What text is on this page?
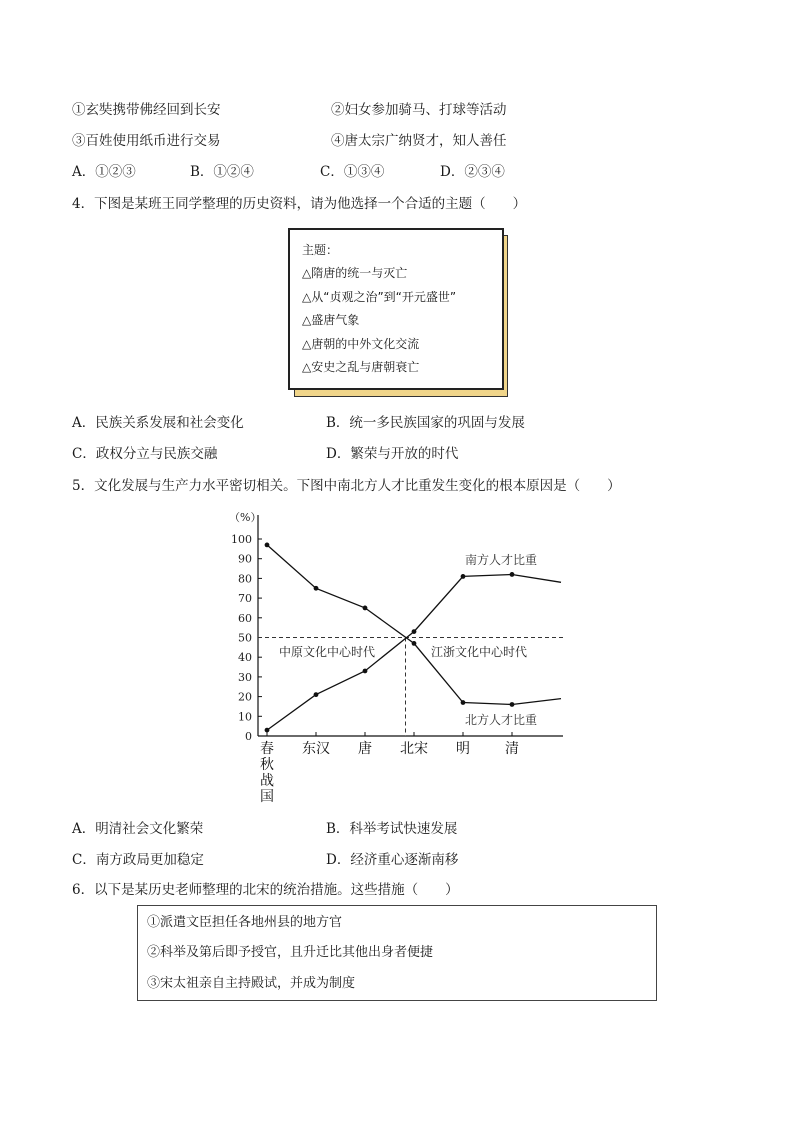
①玄奘携带佛经回到长安	②妇女参加骑马、打球等活动
③百姓使用纸币进行交易	④唐太宗广纳贤才，知人善任
A．①②③	B．①②④	C．①③④	D．②③④
4．下图是某班王同学整理的历史资料，请为他选择一个合适的主题（　　）
主题：
△隋唐的统一与灭亡
△从“贞观之治”到“开元盛世”
△盛唐气象
△唐朝的中外文化交流
△安史之乱与唐朝衰亡
A．民族关系发展和社会变化	B．统一多民族国家的巩固与发展
C．政权分立与民族交融	D．繁荣与开放的时代
5．文化发展与生产力水平密切相关。下图中南北方人才比重发生变化的根本原因是（　　）
0
10
20
30
40
50
60
70
80
90
100
春秋战国
东汉 唐 北宋 明	清
（%）
南方人才比重
北方人才比重
中原文化中心时代	江浙文化中心时代
A．明清社会文化繁荣	B．科举考试快速发展
C．南方政局更加稳定	D．经济重心逐渐南移
6．以下是某历史老师整理的北宋的统治措施。这些措施（　　）
①派遣文臣担任各地州县的地方官
②科举及第后即予授官，且升迁比其他出身者便捷
③宋太祖亲自主持殿试，并成为制度
